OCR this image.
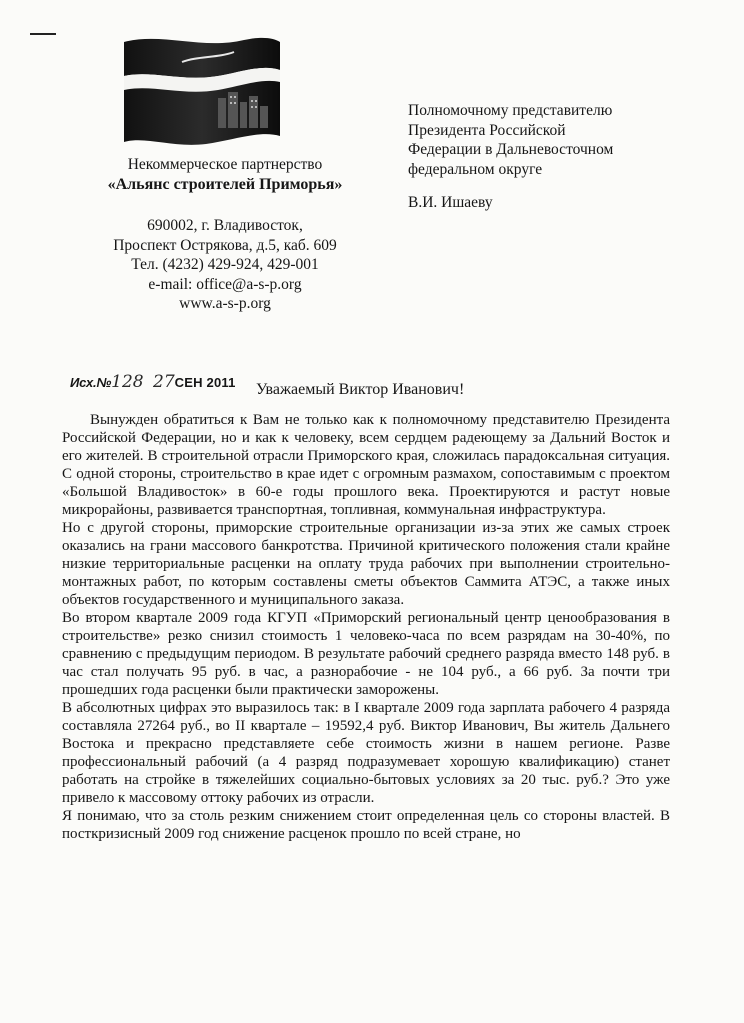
Некоммерческое партнерство
«Альянс строителей Приморья»
690002, г. Владивосток,
Проспект Острякова, д.5, каб. 609
Тел. (4232) 429-924, 429-001
e-mail: office@a-s-p.org
www.a-s-p.org
Полномочному представителю
Президента Российской
Федерации в Дальневосточном
федеральном округе
В.И. Ишаеву
Исх.№128 27СЕН 2011 Уважаемый Виктор Иванович!

Вынужден обратиться к Вам не только как к полномочному представителю Президента Российской Федерации, но и как к человеку, всем сердцем радеющему за Дальний Восток и его жителей. В строительной отрасли Приморского края, сложилась парадоксальная ситуация. С одной стороны, строительство в крае идет с огромным размахом, сопоставимым с проектом «Большой Владивосток» в 60-е годы прошлого века. Проектируются и растут новые микрорайоны, развивается транспортная, топливная, коммунальная инфраструктура.

Но с другой стороны, приморские строительные организации из-за этих же самых строек оказались на грани массового банкротства. Причиной критического положения стали крайне низкие территориальные расценки на оплату труда рабочих при выполнении строительно-монтажных работ, по которым составлены сметы объектов Саммита АТЭС, а также иных объектов государственного и муниципального заказа.

Во втором квартале 2009 года КГУП «Приморский региональный центр ценообразования в строительстве» резко снизил стоимость 1 человеко-часа по всем разрядам на 30-40%, по сравнению с предыдущим периодом. В результате рабочий среднего разряда вместо 148 руб. в час стал получать 95 руб. в час, а разнорабочие - не 104 руб., а 66 руб. За почти три прошедших года расценки были практически заморожены.

В абсолютных цифрах это выразилось так: в I квартале 2009 года зарплата рабочего 4 разряда составляла 27264 руб., во II квартале – 19592,4 руб. Виктор Иванович, Вы житель Дальнего Востока и прекрасно представляете себе стоимость жизни в нашем регионе. Разве профессиональный рабочий (а 4 разряд подразумевает хорошую квалификацию) станет работать на стройке в тяжелейших социально-бытовых условиях за 20 тыс. руб.? Это уже привело к массовому оттоку рабочих из отрасли.

Я понимаю, что за столь резким снижением стоит определенная цель со стороны властей. В посткризисный 2009 год снижение расценок прошло по всей стране, но
